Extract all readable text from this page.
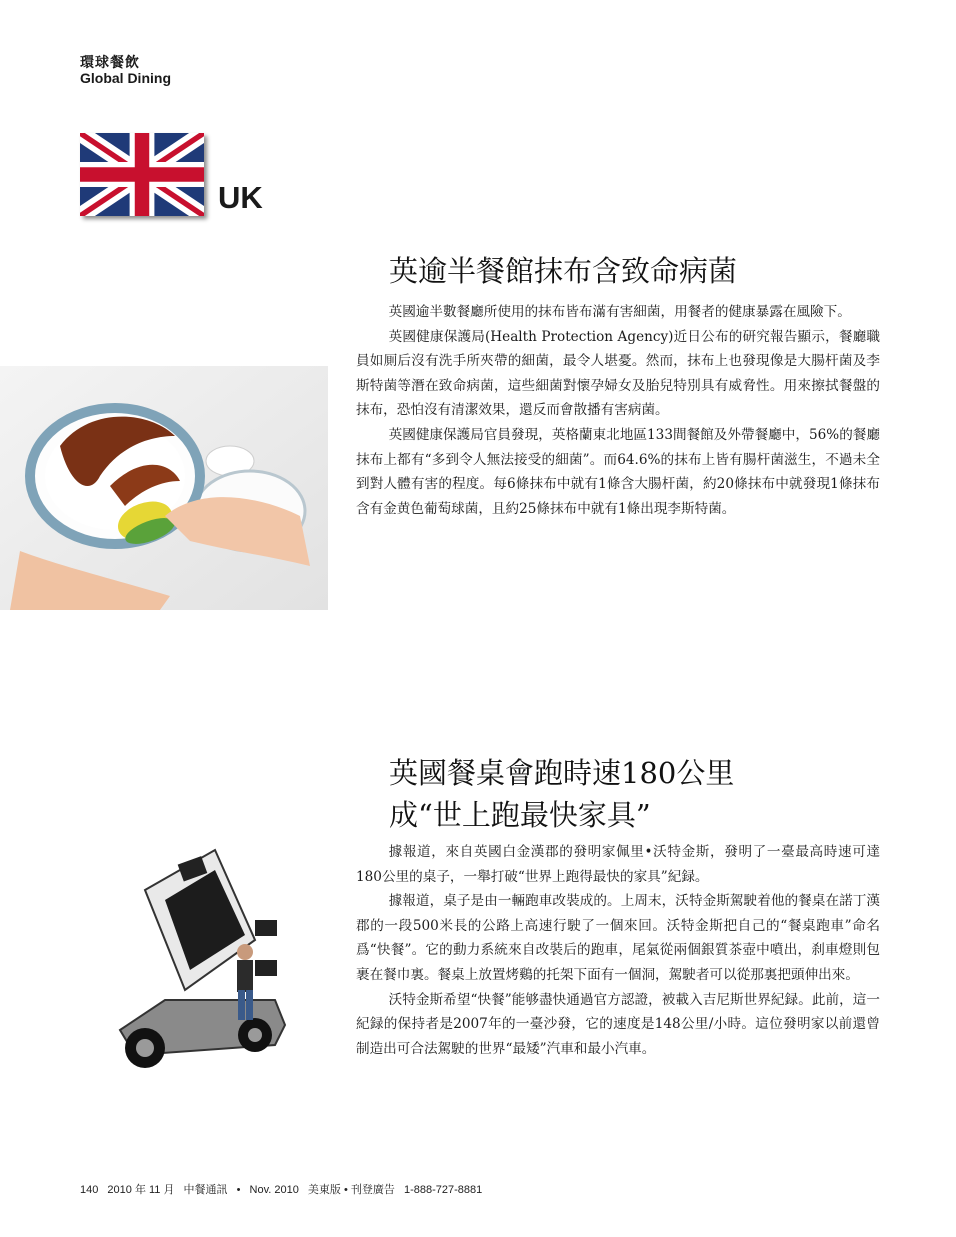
環球餐飲
Global Dining
UK
英逾半餐館抹布含致命病菌

英國逾半數餐廳所使用的抹布皆布滿有害細菌，用餐者的健康暴露在風險下。

英國健康保護局(Health Protection Agency)近日公布的研究報告顯示，餐廳職員如厠后沒有洗手所夾帶的細菌，最令人堪憂。然而，抹布上也發現像是大腸杆菌及李斯特菌等潛在致命病菌，這些細菌對懷孕婦女及胎兒特別具有威脅性。用來擦拭餐盤的抹布，恐怕沒有清潔效果，還反而會散播有害病菌。

英國健康保護局官員發現，英格蘭東北地區133間餐館及外帶餐廳中，56%的餐廳抹布上都有“多到令人無法接受的細菌”。而64.6%的抹布上皆有腸杆菌滋生，不過未全到對人體有害的程度。每6條抹布中就有1條含大腸杆菌，約20條抹布中就發現1條抹布含有金黄色葡萄球菌，且約25條抹布中就有1條出現李斯特菌。

英國餐桌會跑時速180公里
成“世上跑最快家具”

據報道，來自英國白金漢郡的發明家佩里•沃特金斯，發明了一臺最高時速可達180公里的桌子，一舉打破“世界上跑得最快的家具”紀録。

據報道，桌子是由一輛跑車改裝成的。上周末，沃特金斯駕駛着他的餐桌在諾丁漢郡的一段500米長的公路上高速行駛了一個來回。沃特金斯把自己的“餐桌跑車”命名爲“快餐”。它的動力系統來自改裝后的跑車，尾氣從兩個銀質茶壺中噴出，刹車燈則包裹在餐巾裏。餐桌上放置烤鷄的托架下面有一個洞，駕駛者可以從那裏把頭伸出來。

沃特金斯希望“快餐”能够盡快通過官方認證，被載入吉尼斯世界紀録。此前，這一紀録的保持者是2007年的一臺沙發，它的速度是148公里/小時。這位發明家以前還曾制造出可合法駕駛的世界“最矮”汽車和最小汽車。

140 2010 年 11 月 中餐通訊 • Nov. 2010 美東版 • 刊登廣告 1-888-727-8881
